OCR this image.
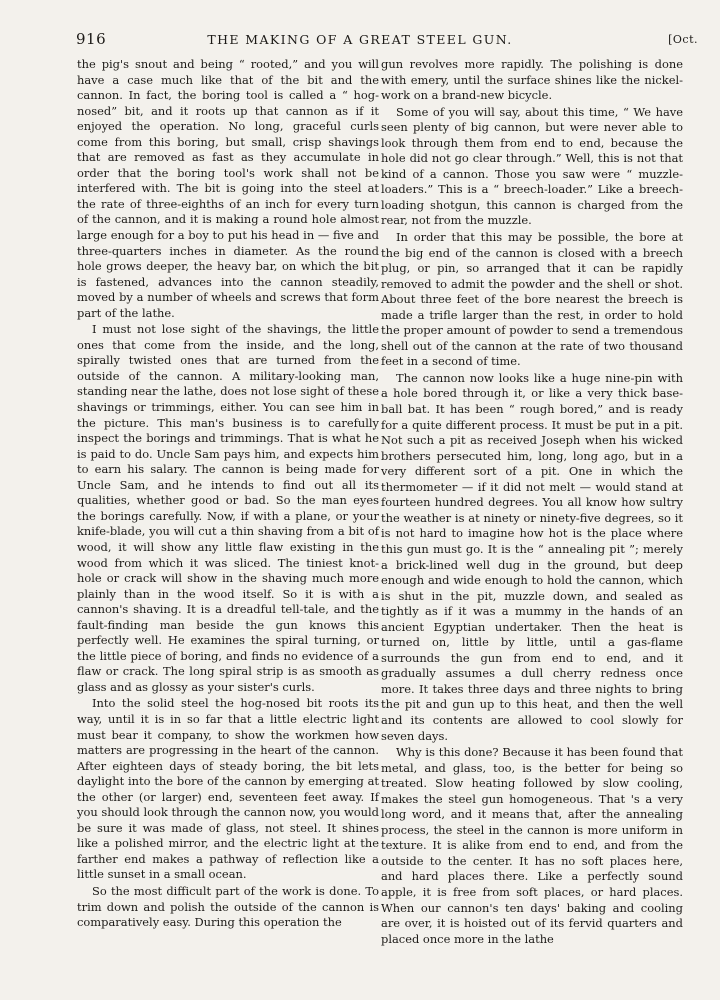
916	THE MAKING OF A GREAT STEEL GUN.	[Oct.

the pig's snout and being “ rooted,” and you will have a case much like that of the bit and the cannon. In fact, the boring tool is called a “ hog-nosed” bit, and it roots up that cannon as if it enjoyed the operation. No long, graceful curls come from this boring, but small, crisp shavings that are removed as fast as they accumulate in order that the boring tool's work shall not be interfered with. The bit is going into the steel at the rate of three-eighths of an inch for every turn of the cannon, and it is making a round hole almost large enough for a boy to put his head in — five and three-quarters inches in diameter. As the round hole grows deeper, the heavy bar, on which the bit is fastened, advances into the cannon steadily, moved by a number of wheels and screws that form part of the lathe.

I must not lose sight of the shavings, the little ones that come from the inside, and the long, spirally twisted ones that are turned from the outside of the cannon. A military-looking man, standing near the lathe, does not lose sight of these shavings or trimmings, either. You can see him in the picture. This man's business is to carefully inspect the borings and trimmings. That is what he is paid to do. Uncle Sam pays him, and expects him to earn his salary. The cannon is being made for Uncle Sam, and he intends to find out all its qualities, whether good or bad. So the man eyes the borings carefully. Now, if with a plane, or your knife-blade, you will cut a thin shaving from a bit of wood, it will show any little flaw existing in the wood from which it was sliced. The tiniest knot-hole or crack will show in the shaving much more plainly than in the wood itself. So it is with a cannon's shaving. It is a dreadful tell-tale, and the fault-finding man beside the gun knows this perfectly well. He examines the spiral turning, or the little piece of boring, and finds no evidence of a flaw or crack. The long spiral strip is as smooth as glass and as glossy as your sister's curls.

Into the solid steel the hog-nosed bit roots its way, until it is in so far that a little electric light must bear it company, to show the workmen how matters are progressing in the heart of the cannon. After eighteen days of steady boring, the bit lets daylight into the bore of the cannon by emerging at the other (or larger) end, seventeen feet away. If you should look through the cannon now, you would be sure it was made of glass, not steel. It shines like a polished mirror, and the electric light at the farther end makes a pathway of reflection like a little sunset in a small ocean.

So the most difficult part of the work is done. To trim down and polish the outside of the cannon is comparatively easy. During this operation the

gun revolves more rapidly. The polishing is done with emery, until the surface shines like the nickel-work on a brand-new bicycle.

Some of you will say, about this time, “ We have seen plenty of big cannon, but were never able to look through them from end to end, because the hole did not go clear through.” Well, this is not that kind of a cannon. Those you saw were “ muzzle-loaders.” This is a “ breech-loader.” Like a breech-loading shotgun, this cannon is charged from the rear, not from the muzzle.

In order that this may be possible, the bore at the big end of the cannon is closed with a breech plug, or pin, so arranged that it can be rapidly removed to admit the powder and the shell or shot. About three feet of the bore nearest the breech is made a trifle larger than the rest, in order to hold the proper amount of powder to send a tremendous shell out of the cannon at the rate of two thousand feet in a second of time.

The cannon now looks like a huge nine-pin with a hole bored through it, or like a very thick base-ball bat. It has been “ rough bored,” and is ready for a quite different process. It must be put in a pit. Not such a pit as received Joseph when his wicked brothers persecuted him, long, long ago, but in a very different sort of a pit. One in which the thermometer — if it did not melt — would stand at fourteen hundred degrees. You all know how sultry the weather is at ninety or ninety-five degrees, so it is not hard to imagine how hot is the place where this gun must go. It is the “ annealing pit ”; merely a brick-lined well dug in the ground, but deep enough and wide enough to hold the cannon, which is shut in the pit, muzzle down, and sealed as tightly as if it was a mummy in the hands of an ancient Egyptian undertaker. Then the heat is turned on, little by little, until a gas-flame surrounds the gun from end to end, and it gradually assumes a dull cherry redness once more. It takes three days and three nights to bring the pit and gun up to this heat, and then the well and its contents are allowed to cool slowly for seven days.

Why is this done? Because it has been found that metal, and glass, too, is the better for being so treated. Slow heating followed by slow cooling, makes the steel gun homogeneous. That 's a very long word, and it means that, after the annealing process, the steel in the cannon is more uniform in texture. It is alike from end to end, and from the outside to the center. It has no soft places here, and hard places there. Like a perfectly sound apple, it is free from soft places, or hard places. When our cannon's ten days' baking and cooling are over, it is hoisted out of its fervid quarters and placed once more in the lathe
